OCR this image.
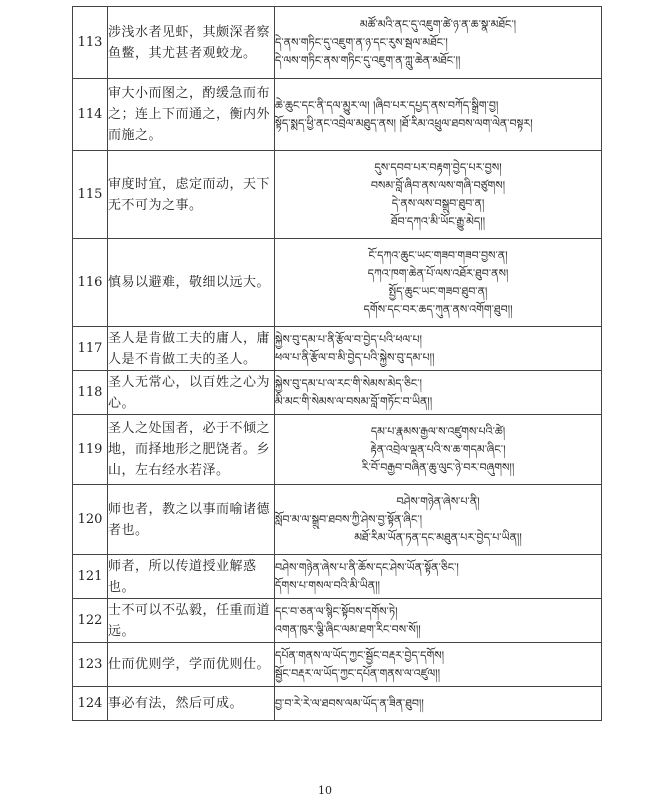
113	涉浅水者见虾，其颇深者察鱼鳖，其尤甚者观蛟龙。	མཚོ་མའི་ནང་དུ་འཇུག་ཚེ་ཉ་ན་ཆ་སྣ་མཐོང་།
དེ་ནས་གཏིང་དུ་འཇུག་ན་ཉ་དང་རུས་སྦལ་མཐོང་།
དེ་ལས་གཏིང་ནས་གཏིང་དུ་འཇུག་ན་ཀླུ་ཆེན་མཐོང་།།

114	审大小而图之，酌缓急而布之；连上下而通之，衡内外而施之。	ཆེ་ཆུང་དང་ནི་དལ་མྱུར་ལ། །ཞིབ་པར་དཔྱད་ནས་བཀོད་སྒྲིག་བྱ།
སྟོད་སྨད་ཕྱི་ནང་འབྲེལ་མཐུད་ནས། །ཐོ་རིམ་འཕྲུལ་ཐབས་ལག་ལེན་བསྟར།

115	审度时宜，虑定而动，天下无不可为之事。	དུས་དབབ་པར་བརྟག་བྱེད་པར་བྱས།
བསམ་བློ་ཞིབ་ནས་ལས་གཞི་བཙུགས།
དེ་ནས་ལས་བསྒྲུབ་ཐུབ་ན།
ཐོབ་དཀའ་མི་ཡོང་རྒྱུ་མེད།།

116	慎易以避难，敬细以远大。	ངོ་དཀའ་ཆུང་ཡང་གཟབ་གཟབ་བྱས་ན།
དཀའ་ཁག་ཆེན་པོ་ལས་འཐོར་ཐུབ་ནས།
སྤྱོད་ཆུང་ཡང་གཟབ་ཐུབ་ན།
དགོས་དང་བར་ཆད་ཀུན་ནས་འགོག་ཐུབ།།

117	圣人是肯做工夫的庸人，庸人是不肯做工夫的圣人。	སྐྱེས་བུ་དམ་པ་ནི་རྩོལ་བ་བྱེད་པའི་ཕལ་པ།
ཕལ་པ་ནི་རྩོལ་བ་མི་བྱེད་པའི་སྐྱེས་བུ་དམ་པ།།

118	圣人无常心，以百姓之心为心。	སྐྱེས་བུ་དམ་པ་ལ་རང་གི་སེམས་མེད་ཅིང༌།
མི་མང་གི་སེམས་ལ་བསམ་བློ་གཏོང་བ་ཡིན།།

119	圣人之处国者，必于不倾之地，而择地形之肥饶者。乡山，左右经水若泽。	དམ་པ་རྣམས་རྒྱལ་ས་འཛུགས་པའི་ཚེ།
རྟེན་འབྲེལ་ལྡན་པའི་ས་ཆ་གདམ་ཞིང༌།
རི་བོ་བརྒྱབ་བཞིན་ཆུ་ལུང་ཉེ་བར་བཞུགས།།

120	师也者，教之以事而喻诸德者也。	བཤེས་གཉེན་ཞེས་པ་ནི།
སློབ་མ་ལ་སྒྲུབ་ཐབས་ཀྱི་ཤེས་བྱ་སྟོན་ཞིང༌།
མཐོ་རིམ་ཡོན་ཏན་དང་མཐུན་པར་བྱེད་པ་ཡིན།།

121	师者，所以传道授业解惑也。	བཤེས་གཉེན་ཞེས་པ་ནི་ཆོས་དང་ཤེས་ཡོན་སྟོན་ཅིང༌།
དོགས་པ་གསལ་བའི་མི་ཡིན།།

122	士不可以不弘毅，任重而道远。	དང་བ་ཅན་ལ་སྙིང་སྟོབས་དགོས་ཏེ།
འགན་ཁུར་ལྕི་ཞིང་ལམ་ཐག་རིང་བས་སོ།།

123	仕而优则学，学而优则仕。	དཔོན་གནས་ལ་ཡོད་ཀྱང་སྦྱོང་བརྡར་བྱེད་དགོས།
སྦྱོང་བརྡར་ལ་ཡོད་ཀྱང་དཔོན་གནས་ལ་འཛུལ།།

124	事必有法，然后可成。	བྱ་བ་རེ་རེ་ལ་ཐབས་ལམ་ཡོད་ན་ཟིན་ཐུབ།།
10
